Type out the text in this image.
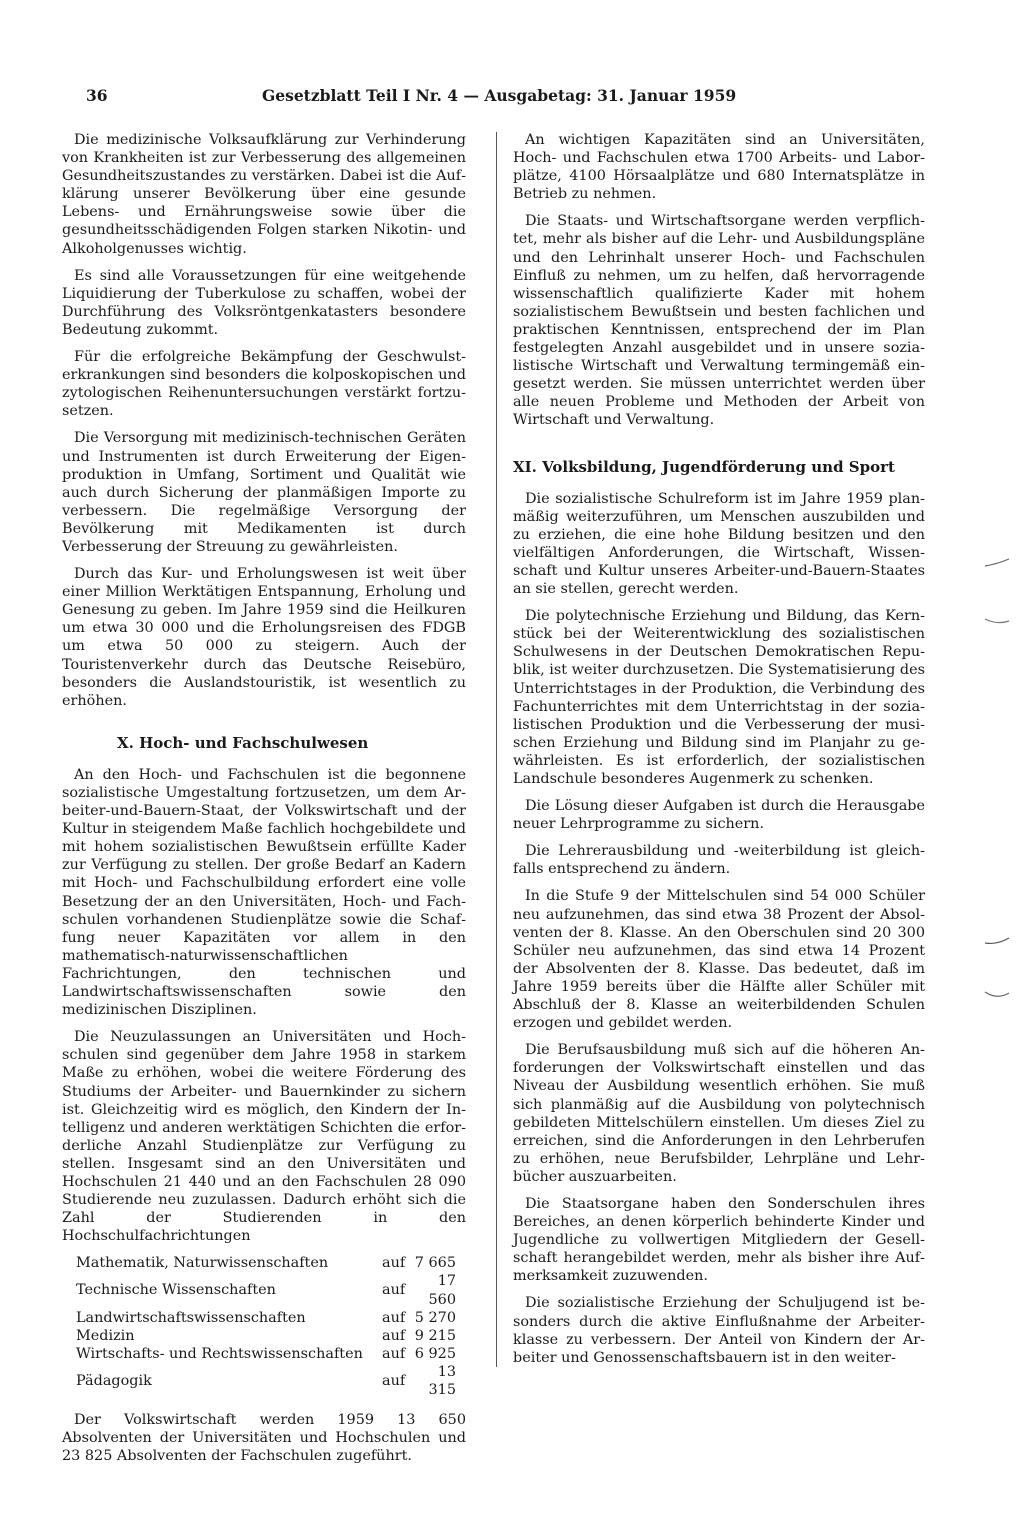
36	Gesetzblatt Teil I Nr. 4 — Ausgabetag: 31. Januar 1959

Die medizinische Volksaufklärung zur Verhinderung von Krankheiten ist zur Verbesserung des allgemeinen Gesundheitszustandes zu verstärken. Dabei ist die Aufklärung unserer Bevölkerung über eine gesunde Lebens- und Ernährungsweise sowie über die gesundheitsschädigenden Folgen starken Nikotin- und Alkoholgenusses wichtig.

Es sind alle Voraussetzungen für eine weitgehende Liquidierung der Tuberkulose zu schaffen, wobei der Durchführung des Volksröntgenkatasters besondere Bedeutung zukommt.

Für die erfolgreiche Bekämpfung der Geschwulsterkrankungen sind besonders die kolposkopischen und zytologischen Reihenuntersuchungen verstärkt fortzusetzen.

Die Versorgung mit medizinisch-technischen Geräten und Instrumenten ist durch Erweiterung der Eigenproduktion in Umfang, Sortiment und Qualität wie auch durch Sicherung der planmäßigen Importe zu verbessern. Die regelmäßige Versorgung der Bevölkerung mit Medikamenten ist durch Verbesserung der Streuung zu gewährleisten.

Durch das Kur- und Erholungswesen ist weit über einer Million Werktätigen Entspannung, Erholung und Genesung zu geben. Im Jahre 1959 sind die Heilkuren um etwa 30 000 und die Erholungsreisen des FDGB um etwa 50 000 zu steigern. Auch der Touristenverkehr durch das Deutsche Reisebüro, besonders die Auslandstouristik, ist wesentlich zu erhöhen.

X. Hoch- und Fachschulwesen

An den Hoch- und Fachschulen ist die begonnene sozialistische Umgestaltung fortzusetzen, um dem Arbeiter-und-Bauern-Staat, der Volkswirtschaft und der Kultur in steigendem Maße fachlich hochgebildete und mit hohem sozialistischen Bewußtsein erfüllte Kader zur Verfügung zu stellen. Der große Bedarf an Kadern mit Hoch- und Fachschulbildung erfordert eine volle Besetzung der an den Universitäten, Hoch- und Fachschulen vorhandenen Studienplätze sowie die Schaffung neuer Kapazitäten vor allem in den mathematisch-naturwissenschaftlichen Fachrichtungen, den technischen und Landwirtschaftswissenschaften sowie den medizinischen Disziplinen.

Die Neuzulassungen an Universitäten und Hochschulen sind gegenüber dem Jahre 1958 in starkem Maße zu erhöhen, wobei die weitere Förderung des Studiums der Arbeiter- und Bauernkinder zu sichern ist. Gleichzeitig wird es möglich, den Kindern der Intelligenz und anderen werktätigen Schichten die erforderliche Anzahl Studienplätze zur Verfügung zu stellen. Insgesamt sind an den Universitäten und Hochschulen 21 440 und an den Fachschulen 28 090 Studierende neu zuzulassen. Dadurch erhöht sich die Zahl der Studierenden in den Hochschulfachrichtungen

Mathematik, Naturwissenschaften	auf	7 665
Technische Wissenschaften	auf	17 560
Landwirtschaftswissenschaften	auf	5 270
Medizin	auf	9 215
Wirtschafts- und Rechtswissenschaften	auf	6 925
Pädagogik	auf	13 315

Der Volkswirtschaft werden 1959 13 650 Absolventen der Universitäten und Hochschulen und 23 825 Absolventen der Fachschulen zugeführt.

An wichtigen Kapazitäten sind an Universitäten, Hoch- und Fachschulen etwa 1700 Arbeits- und Laborplätze, 4100 Hörsaalplätze und 680 Internatsplätze in Betrieb zu nehmen.

Die Staats- und Wirtschaftsorgane werden verpflichtet, mehr als bisher auf die Lehr- und Ausbildungspläne und den Lehrinhalt unserer Hoch- und Fachschulen Einfluß zu nehmen, um zu helfen, daß hervorragende wissenschaftlich qualifizierte Kader mit hohem sozialistischem Bewußtsein und besten fachlichen und praktischen Kenntnissen, entsprechend der im Plan festgelegten Anzahl ausgebildet und in unsere sozialistische Wirtschaft und Verwaltung termingemäß eingesetzt werden. Sie müssen unterrichtet werden über alle neuen Probleme und Methoden der Arbeit von Wirtschaft und Verwaltung.

XI. Volksbildung, Jugendförderung und Sport

Die sozialistische Schulreform ist im Jahre 1959 planmäßig weiterzuführen, um Menschen auszubilden und zu erziehen, die eine hohe Bildung besitzen und den vielfältigen Anforderungen, die Wirtschaft, Wissenschaft und Kultur unseres Arbeiter-und-Bauern-Staates an sie stellen, gerecht werden.

Die polytechnische Erziehung und Bildung, das Kernstück bei der Weiterentwicklung des sozialistischen Schulwesens in der Deutschen Demokratischen Republik, ist weiter durchzusetzen. Die Systematisierung des Unterrichtstages in der Produktion, die Verbindung des Fachunterrichtes mit dem Unterrichtstag in der sozialistischen Produktion und die Verbesserung der musischen Erziehung und Bildung sind im Planjahr zu gewährleisten. Es ist erforderlich, der sozialistischen Landschule besonderes Augenmerk zu schenken.

Die Lösung dieser Aufgaben ist durch die Herausgabe neuer Lehrprogramme zu sichern.

Die Lehrerausbildung und -weiterbildung ist gleichfalls entsprechend zu ändern.

In die Stufe 9 der Mittelschulen sind 54 000 Schüler neu aufzunehmen, das sind etwa 38 Prozent der Absolventen der 8. Klasse. An den Oberschulen sind 20 300 Schüler neu aufzunehmen, das sind etwa 14 Prozent der Absolventen der 8. Klasse. Das bedeutet, daß im Jahre 1959 bereits über die Hälfte aller Schüler mit Abschluß der 8. Klasse an weiterbildenden Schulen erzogen und gebildet werden.

Die Berufsausbildung muß sich auf die höheren Anforderungen der Volkswirtschaft einstellen und das Niveau der Ausbildung wesentlich erhöhen. Sie muß sich planmäßig auf die Ausbildung von polytechnisch gebildeten Mittelschülern einstellen. Um dieses Ziel zu erreichen, sind die Anforderungen in den Lehrberufen zu erhöhen, neue Berufsbilder, Lehrpläne und Lehrbücher auszuarbeiten.

Die Staatsorgane haben den Sonderschulen ihres Bereiches, an denen körperlich behinderte Kinder und Jugendliche zu vollwertigen Mitgliedern der Gesellschaft herangebildet werden, mehr als bisher ihre Aufmerksamkeit zuzuwenden.

Die sozialistische Erziehung der Schuljugend ist besonders durch die aktive Einflußnahme der Arbeiterklasse zu verbessern. Der Anteil von Kindern der Arbeiter und Genossenschaftsbauern ist in den weiter-
